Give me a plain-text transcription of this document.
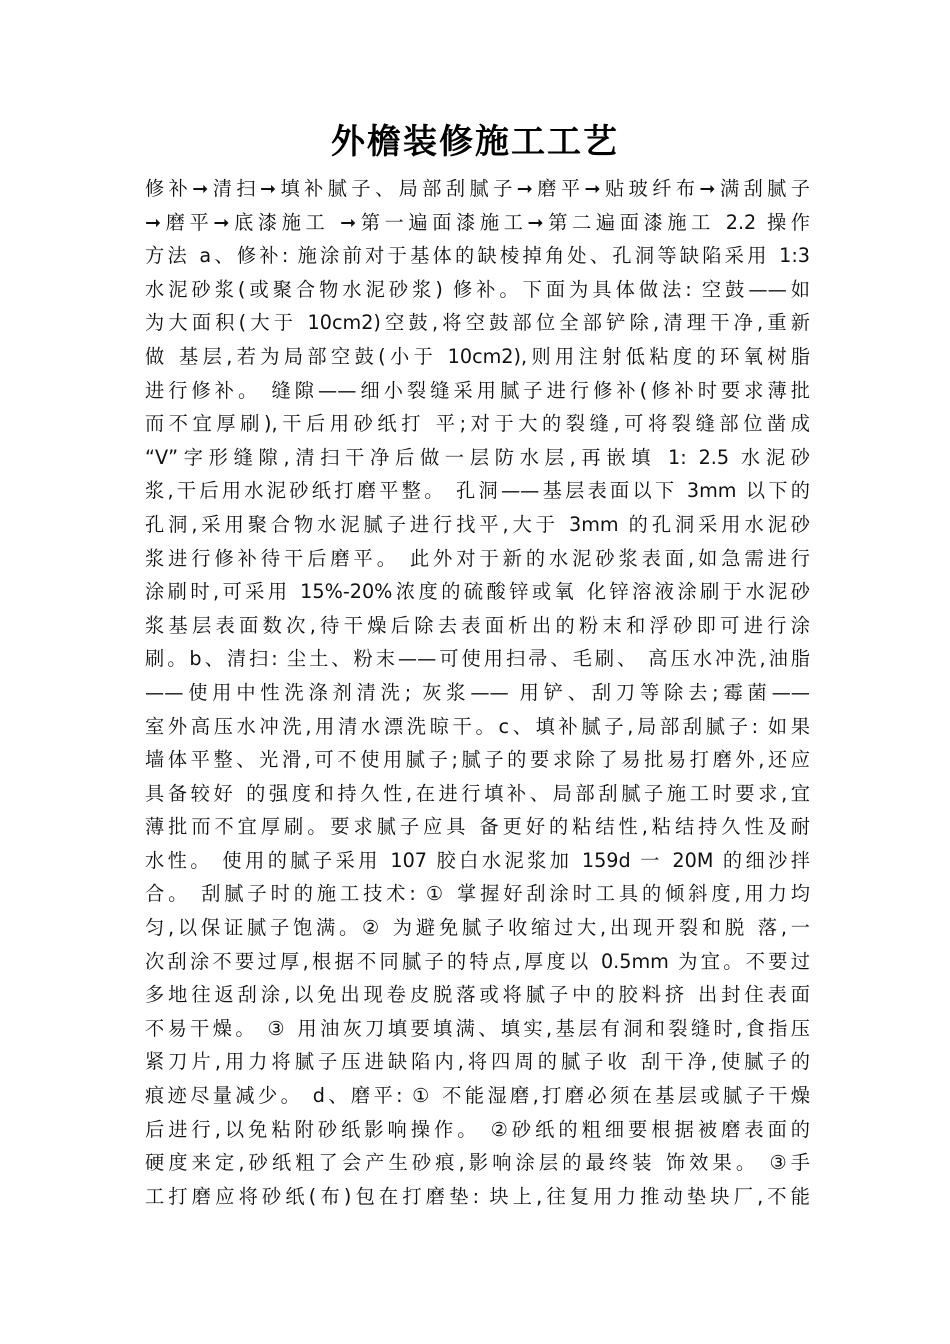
外檐装修施工工艺
修补➞清扫➞填补腻子、局部刮腻子➞磨平➞贴玻纤布➞满刮腻子
➞磨平➞底漆施工 ➞第一遍面漆施工➞第二遍面漆施工 2.2 操作
方法 a、修补: 施涂前对于基体的缺棱掉角处、孔洞等缺陷采用 1:3
水泥砂浆(或聚合物水泥砂浆) 修补。下面为具体做法: 空鼓——如
为大面积(大于 10cm2)空鼓,将空鼓部位全部铲除,清理干净,重新
做 基层,若为局部空鼓(小于 10cm2),则用注射低粘度的环氧树脂
进行修补。 缝隙——细小裂缝采用腻子进行修补(修补时要求薄批
而不宜厚刷),干后用砂纸打 平;对于大的裂缝,可将裂缝部位凿成
“V”字形缝隙,清扫干净后做一层防水层,再嵌填 1: 2.5 水泥砂
浆,干后用水泥砂纸打磨平整。 孔洞——基层表面以下 3mm 以下的
孔洞,采用聚合物水泥腻子进行找平,大于 3mm 的孔洞采用水泥砂
浆进行修补待干后磨平。 此外对于新的水泥砂浆表面,如急需进行
涂刷时,可采用 15%-20%浓度的硫酸锌或氧 化锌溶液涂刷于水泥砂
浆基层表面数次,待干燥后除去表面析出的粉末和浮砂即可进行涂
刷。b、清扫: 尘土、粉末——可使用扫帚、毛刷、 高压水冲洗,油脂
——使用中性洗涤剂清洗; 灰浆—— 用铲、刮刀等除去;霉菌——
室外高压水冲洗,用清水漂洗晾干。c、填补腻子,局部刮腻子: 如果
墙体平整、光滑,可不使用腻子;腻子的要求除了易批易打磨外,还应
具备较好 的强度和持久性,在进行填补、局部刮腻子施工时要求,宜
薄批而不宜厚刷。要求腻子应具 备更好的粘结性,粘结持久性及耐
水性。 使用的腻子采用 107 胶白水泥浆加 159d 一 20M 的细沙拌
合。 刮腻子时的施工技术: ① 掌握好刮涂时工具的倾斜度,用力均
匀,以保证腻子饱满。② 为避免腻子收缩过大,出现开裂和脱 落,一
次刮涂不要过厚,根据不同腻子的特点,厚度以 0.5mm 为宜。不要过
多地往返刮涂,以免出现卷皮脱落或将腻子中的胶料挤 出封住表面
不易干燥。 ③ 用油灰刀填要填满、填实,基层有洞和裂缝时,食指压
紧刀片,用力将腻子压进缺陷内,将四周的腻子收 刮干净,使腻子的
痕迹尽量减少。 d、磨平: ① 不能湿磨,打磨必须在基层或腻子干燥
后进行,以免粘附砂纸影响操作。 ②砂纸的粗细要根据被磨表面的
硬度来定,砂纸粗了会产生砂痕,影响涂层的最终装 饰效果。 ③手
工打磨应将砂纸(布)包在打磨垫: 块上,往复用力推动垫块厂,不能
